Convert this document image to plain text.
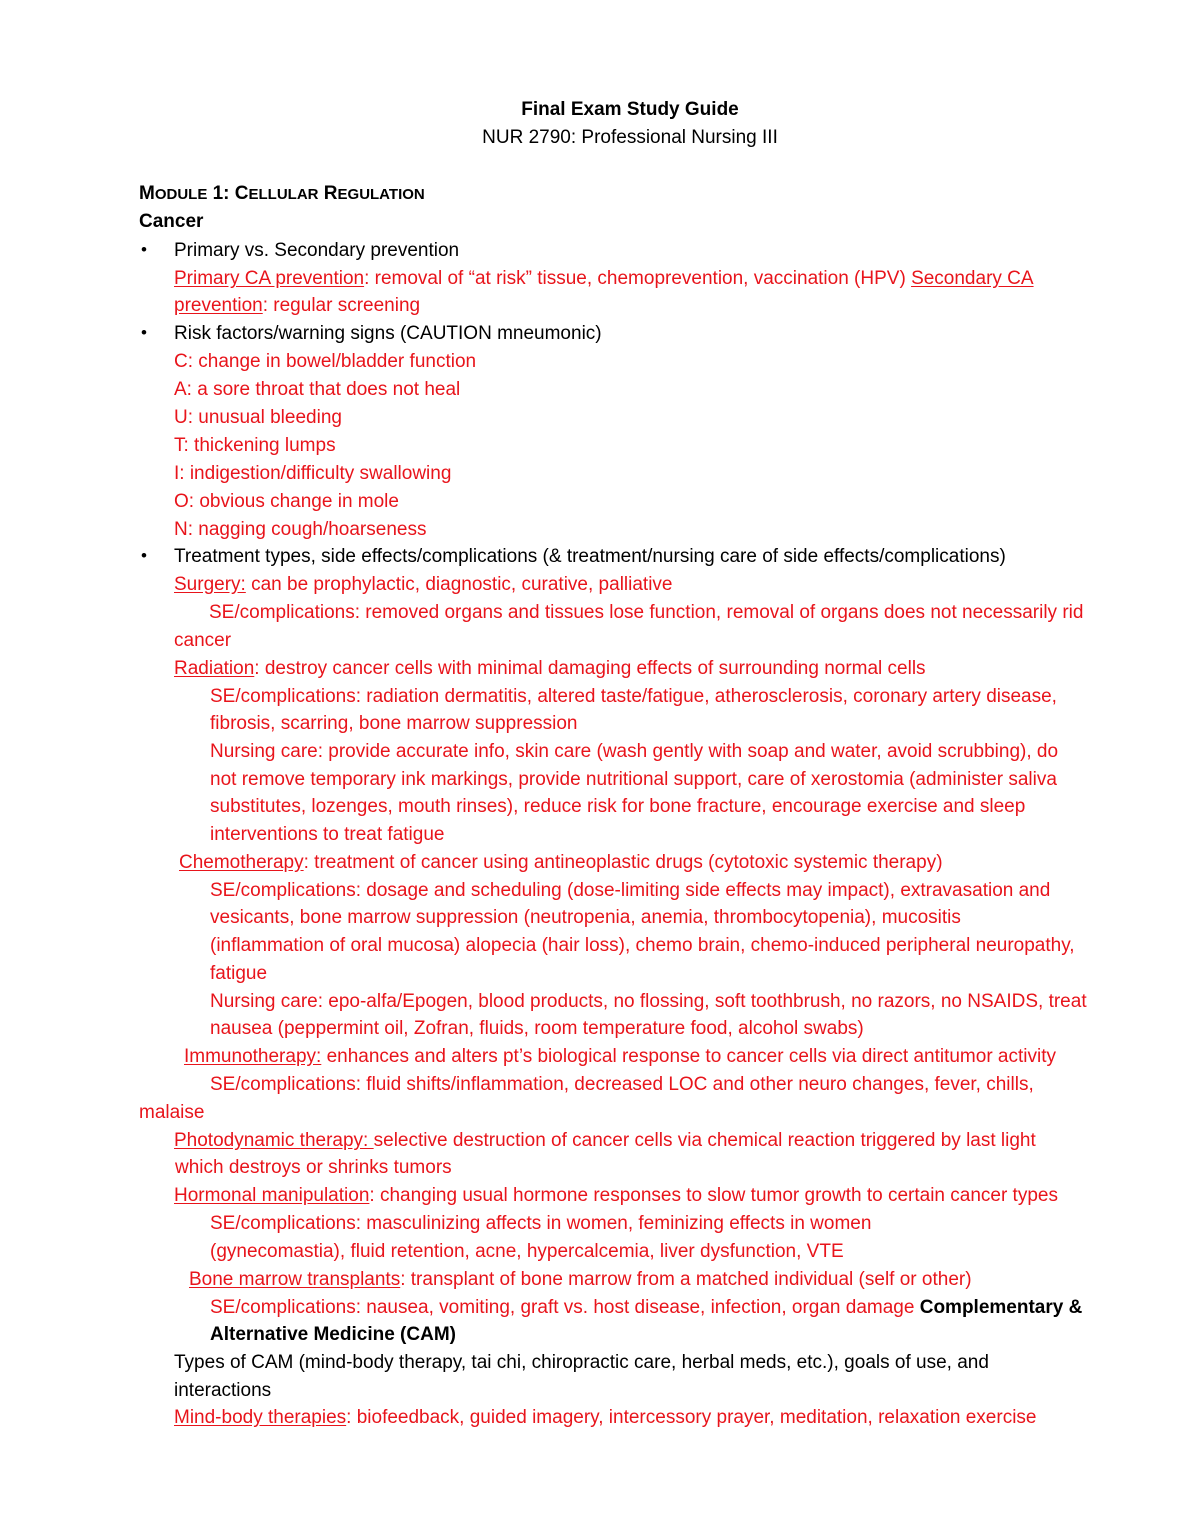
Final Exam Study Guide
NUR 2790: Professional Nursing III
MODULE 1: CELLULAR REGULATION
Cancer
• Primary vs. Secondary prevention
Primary CA prevention: removal of “at risk” tissue, chemoprevention, vaccination (HPV) Secondary CA
prevention: regular screening
• Risk factors/warning signs (CAUTION mneumonic)
C: change in bowel/bladder function
A: a sore throat that does not heal
U: unusual bleeding
T: thickening lumps
I: indigestion/difficulty swallowing
O: obvious change in mole
N: nagging cough/hoarseness
• Treatment types, side effects/complications (& treatment/nursing care of side effects/complications)
Surgery: can be prophylactic, diagnostic, curative, palliative
SE/complications: removed organs and tissues lose function, removal of organs does not necessarily rid
cancer
Radiation: destroy cancer cells with minimal damaging effects of surrounding normal cells
SE/complications: radiation dermatitis, altered taste/fatigue, atherosclerosis, coronary artery disease,
fibrosis, scarring, bone marrow suppression
Nursing care: provide accurate info, skin care (wash gently with soap and water, avoid scrubbing), do
not remove temporary ink markings, provide nutritional support, care of xerostomia (administer saliva
substitutes, lozenges, mouth rinses), reduce risk for bone fracture, encourage exercise and sleep
interventions to treat fatigue
Chemotherapy: treatment of cancer using antineoplastic drugs (cytotoxic systemic therapy)
SE/complications: dosage and scheduling (dose-limiting side effects may impact), extravasation and
vesicants, bone marrow suppression (neutropenia, anemia, thrombocytopenia), mucositis
(inflammation of oral mucosa) alopecia (hair loss), chemo brain, chemo-induced peripheral neuropathy,
fatigue
Nursing care: epo-alfa/Epogen, blood products, no flossing, soft toothbrush, no razors, no NSAIDS, treat
nausea (peppermint oil, Zofran, fluids, room temperature food, alcohol swabs)
Immunotherapy: enhances and alters pt’s biological response to cancer cells via direct antitumor activity
SE/complications: fluid shifts/inflammation, decreased LOC and other neuro changes, fever, chills,
malaise
Photodynamic therapy: selective destruction of cancer cells via chemical reaction triggered by last light
which destroys or shrinks tumors
Hormonal manipulation: changing usual hormone responses to slow tumor growth to certain cancer types
SE/complications: masculinizing affects in women, feminizing effects in women
(gynecomastia), fluid retention, acne, hypercalcemia, liver dysfunction, VTE
Bone marrow transplants: transplant of bone marrow from a matched individual (self or other)
SE/complications: nausea, vomiting, graft vs. host disease, infection, organ damage Complementary &
Alternative Medicine (CAM)
Types of CAM (mind-body therapy, tai chi, chiropractic care, herbal meds, etc.), goals of use, and
interactions
Mind-body therapies: biofeedback, guided imagery, intercessory prayer, meditation, relaxation exercise
